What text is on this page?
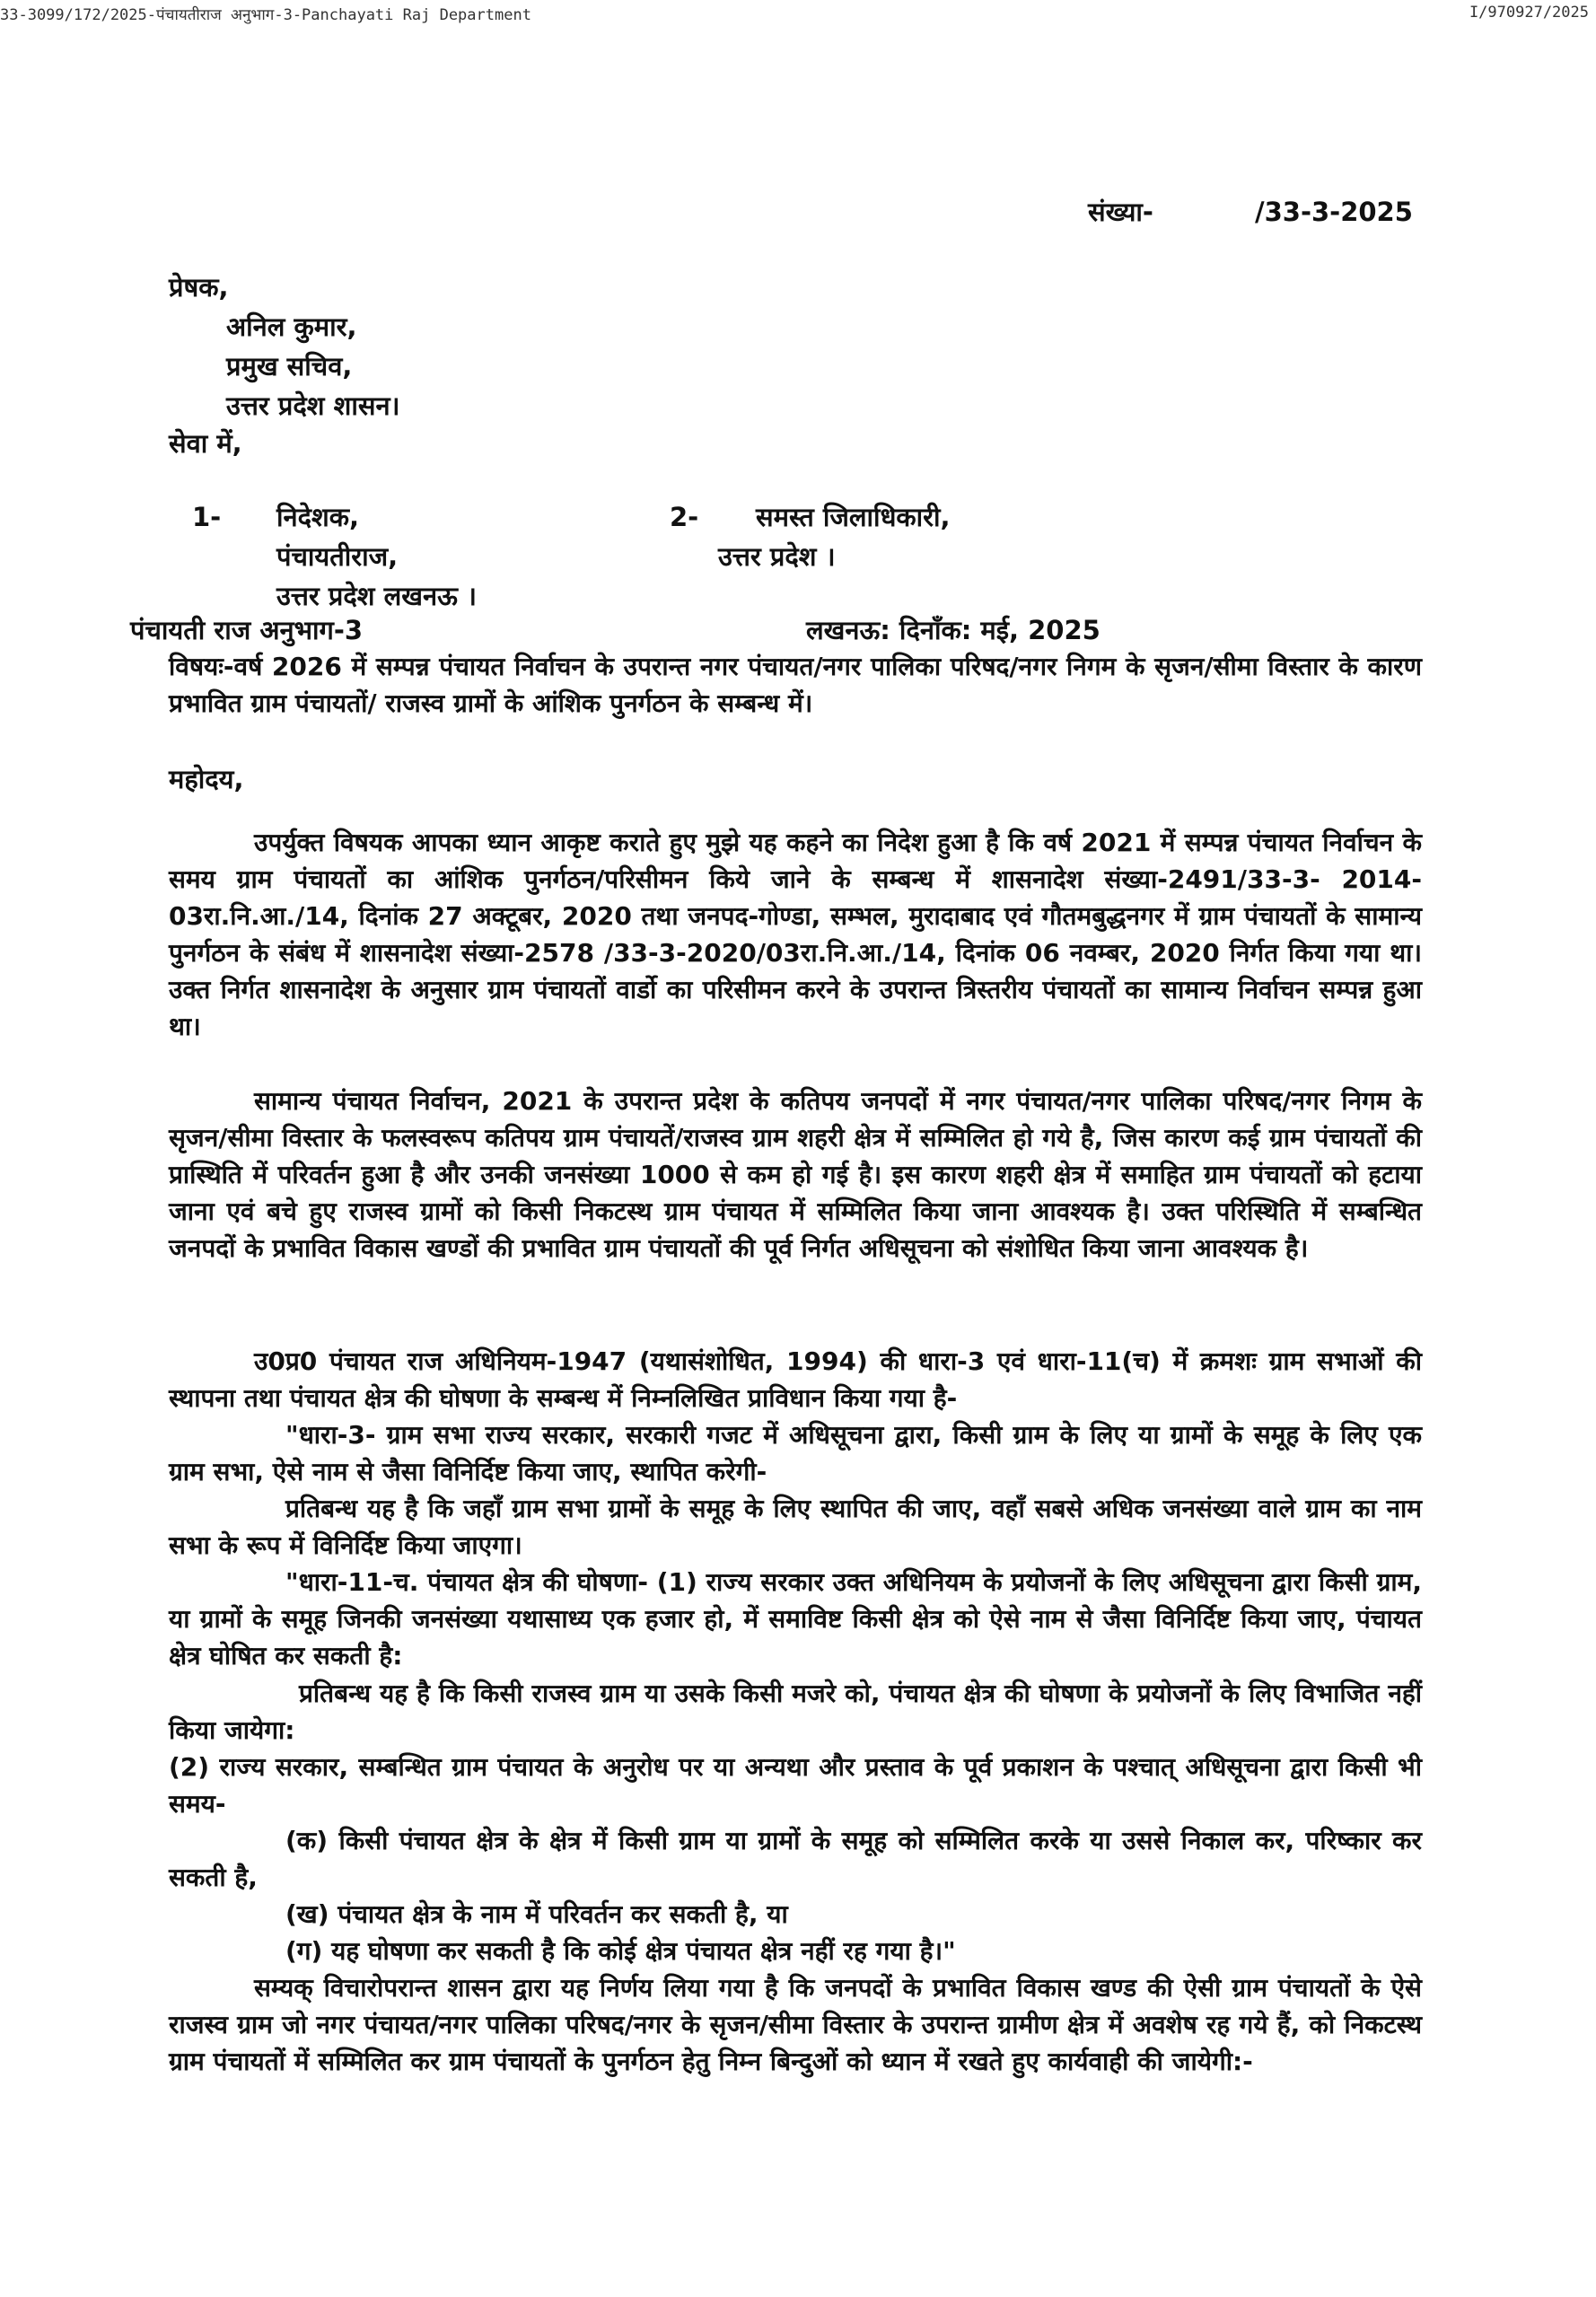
33-3099/172/2025-पंचायतीराज अनुभाग-3-Panchayati Raj Department	I/970927/2025
संख्या-	/33-3-2025
प्रेषक,
अनिल कुमार,
प्रमुख सचिव,
उत्तर प्रदेश शासन।
सेवा में,
1- निदेशक,
पंचायतीराज,
उत्तर प्रदेश लखनऊ ।
2- समस्त जिलाधिकारी,
उत्तर प्रदेश ।
पंचायती राज अनुभाग-3	लखनऊ: दिनाँक: मई, 2025
विषयः-वर्ष 2026 में सम्पन्न पंचायत निर्वाचन के उपरान्त नगर पंचायत/नगर पालिका परिषद/नगर निगम के सृजन/सीमा विस्तार के कारण प्रभावित ग्राम पंचायतों/ राजस्व ग्रामों के आंशिक पुनर्गठन के सम्बन्ध में।
महोदय,
उपर्युक्त विषयक आपका ध्यान आकृष्ट कराते हुए मुझे यह कहने का निदेश हुआ है कि वर्ष 2021 में सम्पन्न पंचायत निर्वाचन के समय ग्राम पंचायतों का आंशिक पुनर्गठन/परिसीमन किये जाने के सम्बन्ध में शासनादेश संख्या-2491/33-3- 2014-03रा.नि.आ./14, दिनांक 27 अक्टूबर, 2020 तथा जनपद-गोण्डा, सम्भल, मुरादाबाद एवं गौतमबुद्धनगर में ग्राम पंचायतों के सामान्य पुनर्गठन के संबंध में शासनादेश संख्या-2578 /33-3-2020/03रा.नि.आ./14, दिनांक 06 नवम्बर, 2020 निर्गत किया गया था। उक्त निर्गत शासनादेश के अनुसार ग्राम पंचायतों वार्डो का परिसीमन करने के उपरान्त त्रिस्तरीय पंचायतों का सामान्य निर्वाचन सम्पन्न हुआ था।
सामान्य पंचायत निर्वाचन, 2021 के उपरान्त प्रदेश के कतिपय जनपदों में नगर पंचायत/नगर पालिका परिषद/नगर निगम के सृजन/सीमा विस्तार के फलस्वरूप कतिपय ग्राम पंचायतें/राजस्व ग्राम शहरी क्षेत्र में सम्मिलित हो गये है, जिस कारण कई ग्राम पंचायतों की प्रास्थिति में परिवर्तन हुआ है और उनकी जनसंख्या 1000 से कम हो गई है। इस कारण शहरी क्षेत्र में समाहित ग्राम पंचायतों को हटाया जाना एवं बचे हुए राजस्व ग्रामों को किसी निकटस्थ ग्राम पंचायत में सम्मिलित किया जाना आवश्यक है। उक्त परिस्थिति में सम्बन्धित जनपदों के प्रभावित विकास खण्डों की प्रभावित ग्राम पंचायतों की पूर्व निर्गत अधिसूचना को संशोधित किया जाना आवश्यक है।
उ0प्र0 पंचायत राज अधिनियम-1947 (यथासंशोधित, 1994) की धारा-3 एवं धारा-11(च) में क्रमशः ग्राम सभाओं की स्थापना तथा पंचायत क्षेत्र की घोषणा के सम्बन्ध में निम्नलिखित प्राविधान किया गया है-
"धारा-3- ग्राम सभा राज्य सरकार, सरकारी गजट में अधिसूचना द्वारा, किसी ग्राम के लिए या ग्रामों के समूह के लिए एक ग्राम सभा, ऐसे नाम से जैसा विनिर्दिष्ट किया जाए, स्थापित करेगी-
प्रतिबन्ध यह है कि जहाँ ग्राम सभा ग्रामों के समूह के लिए स्थापित की जाए, वहाँ सबसे अधिक जनसंख्या वाले ग्राम का नाम सभा के रूप में विनिर्दिष्ट किया जाएगा।
"धारा-11-च. पंचायत क्षेत्र की घोषणा- (1) राज्य सरकार उक्त अधिनियम के प्रयोजनों के लिए अधिसूचना द्वारा किसी ग्राम, या ग्रामों के समूह जिनकी जनसंख्या यथासाध्य एक हजार हो, में समाविष्ट किसी क्षेत्र को ऐसे नाम से जैसा विनिर्दिष्ट किया जाए, पंचायत क्षेत्र घोषित कर सकती है:
प्रतिबन्ध यह है कि किसी राजस्व ग्राम या उसके किसी मजरे को, पंचायत क्षेत्र की घोषणा के प्रयोजनों के लिए विभाजित नहीं किया जायेगा:
(2) राज्य सरकार, सम्बन्धित ग्राम पंचायत के अनुरोध पर या अन्यथा और प्रस्ताव के पूर्व प्रकाशन के पश्चात् अधिसूचना द्वारा किसी भी समय-
(क) किसी पंचायत क्षेत्र के क्षेत्र में किसी ग्राम या ग्रामों के समूह को सम्मिलित करके या उससे निकाल कर, परिष्कार कर सकती है,
(ख) पंचायत क्षेत्र के नाम में परिवर्तन कर सकती है, या
(ग) यह घोषणा कर सकती है कि कोई क्षेत्र पंचायत क्षेत्र नहीं रह गया है।"
सम्यक् विचारोपरान्त शासन द्वारा यह निर्णय लिया गया है कि जनपदों के प्रभावित विकास खण्ड की ऐसी ग्राम पंचायतों के ऐसे राजस्व ग्राम जो नगर पंचायत/नगर पालिका परिषद/नगर के सृजन/सीमा विस्तार के उपरान्त ग्रामीण क्षेत्र में अवशेष रह गये हैं, को निकटस्थ ग्राम पंचायतों में सम्मिलित कर ग्राम पंचायतों के पुनर्गठन हेतु निम्न बिन्दुओं को ध्यान में रखते हुए कार्यवाही की जायेगी:-
